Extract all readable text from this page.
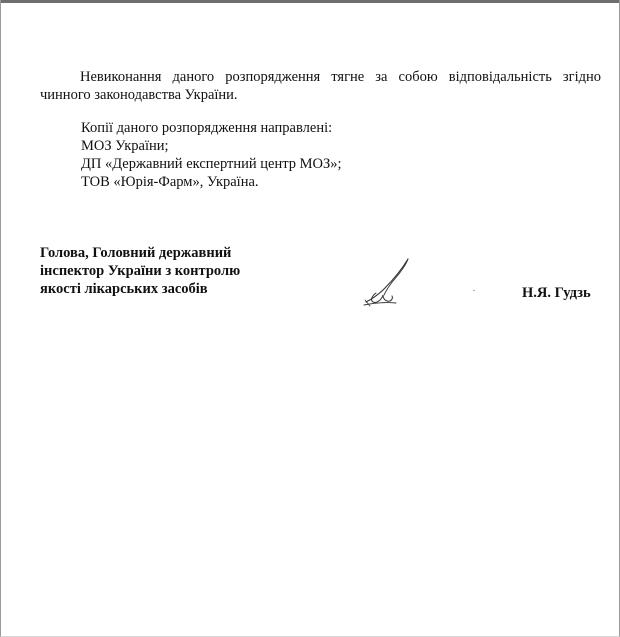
Невиконання даного розпорядження тягне за собою відповідальність згідно
чинного законодавства України.
Копії даного розпорядження направлені:
МОЗ України;
ДП «Державний експертний центр МОЗ»;
ТОВ «Юрія-Фарм», Україна.
Голова, Головний державний
інспектор України з контролю
якості лікарських засобів	Н.Я. Гудзь
